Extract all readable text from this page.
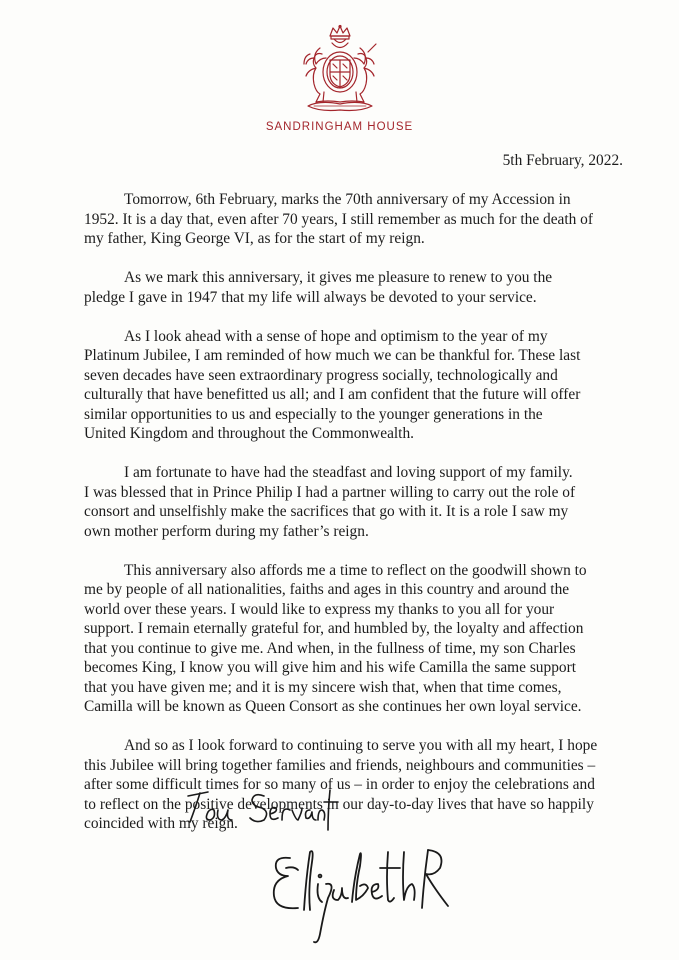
SANDRINGHAM HOUSE
5th February, 2022.

Tomorrow, 6th February, marks the 70th anniversary of my Accession in
1952. It is a day that, even after 70 years, I still remember as much for the death of
my father, King George VI, as for the start of my reign.

As we mark this anniversary, it gives me pleasure to renew to you the
pledge I gave in 1947 that my life will always be devoted to your service.

As I look ahead with a sense of hope and optimism to the year of my
Platinum Jubilee, I am reminded of how much we can be thankful for. These last
seven decades have seen extraordinary progress socially, technologically and
culturally that have benefitted us all; and I am confident that the future will offer
similar opportunities to us and especially to the younger generations in the
United Kingdom and throughout the Commonwealth.

I am fortunate to have had the steadfast and loving support of my family.
I was blessed that in Prince Philip I had a partner willing to carry out the role of
consort and unselfishly make the sacrifices that go with it. It is a role I saw my
own mother perform during my father’s reign.

This anniversary also affords me a time to reflect on the goodwill shown to
me by people of all nationalities, faiths and ages in this country and around the
world over these years. I would like to express my thanks to you all for your
support. I remain eternally grateful for, and humbled by, the loyalty and affection
that you continue to give me. And when, in the fullness of time, my son Charles
becomes King, I know you will give him and his wife Camilla the same support
that you have given me; and it is my sincere wish that, when that time comes,
Camilla will be known as Queen Consort as she continues her own loyal service.

And so as I look forward to continuing to serve you with all my heart, I hope
this Jubilee will bring together families and friends, neighbours and communities –
after some difficult times for so many of us – in order to enjoy the celebrations and
to reflect on the positive developments in our day-to-day lives that have so happily
coincided with my reign.
